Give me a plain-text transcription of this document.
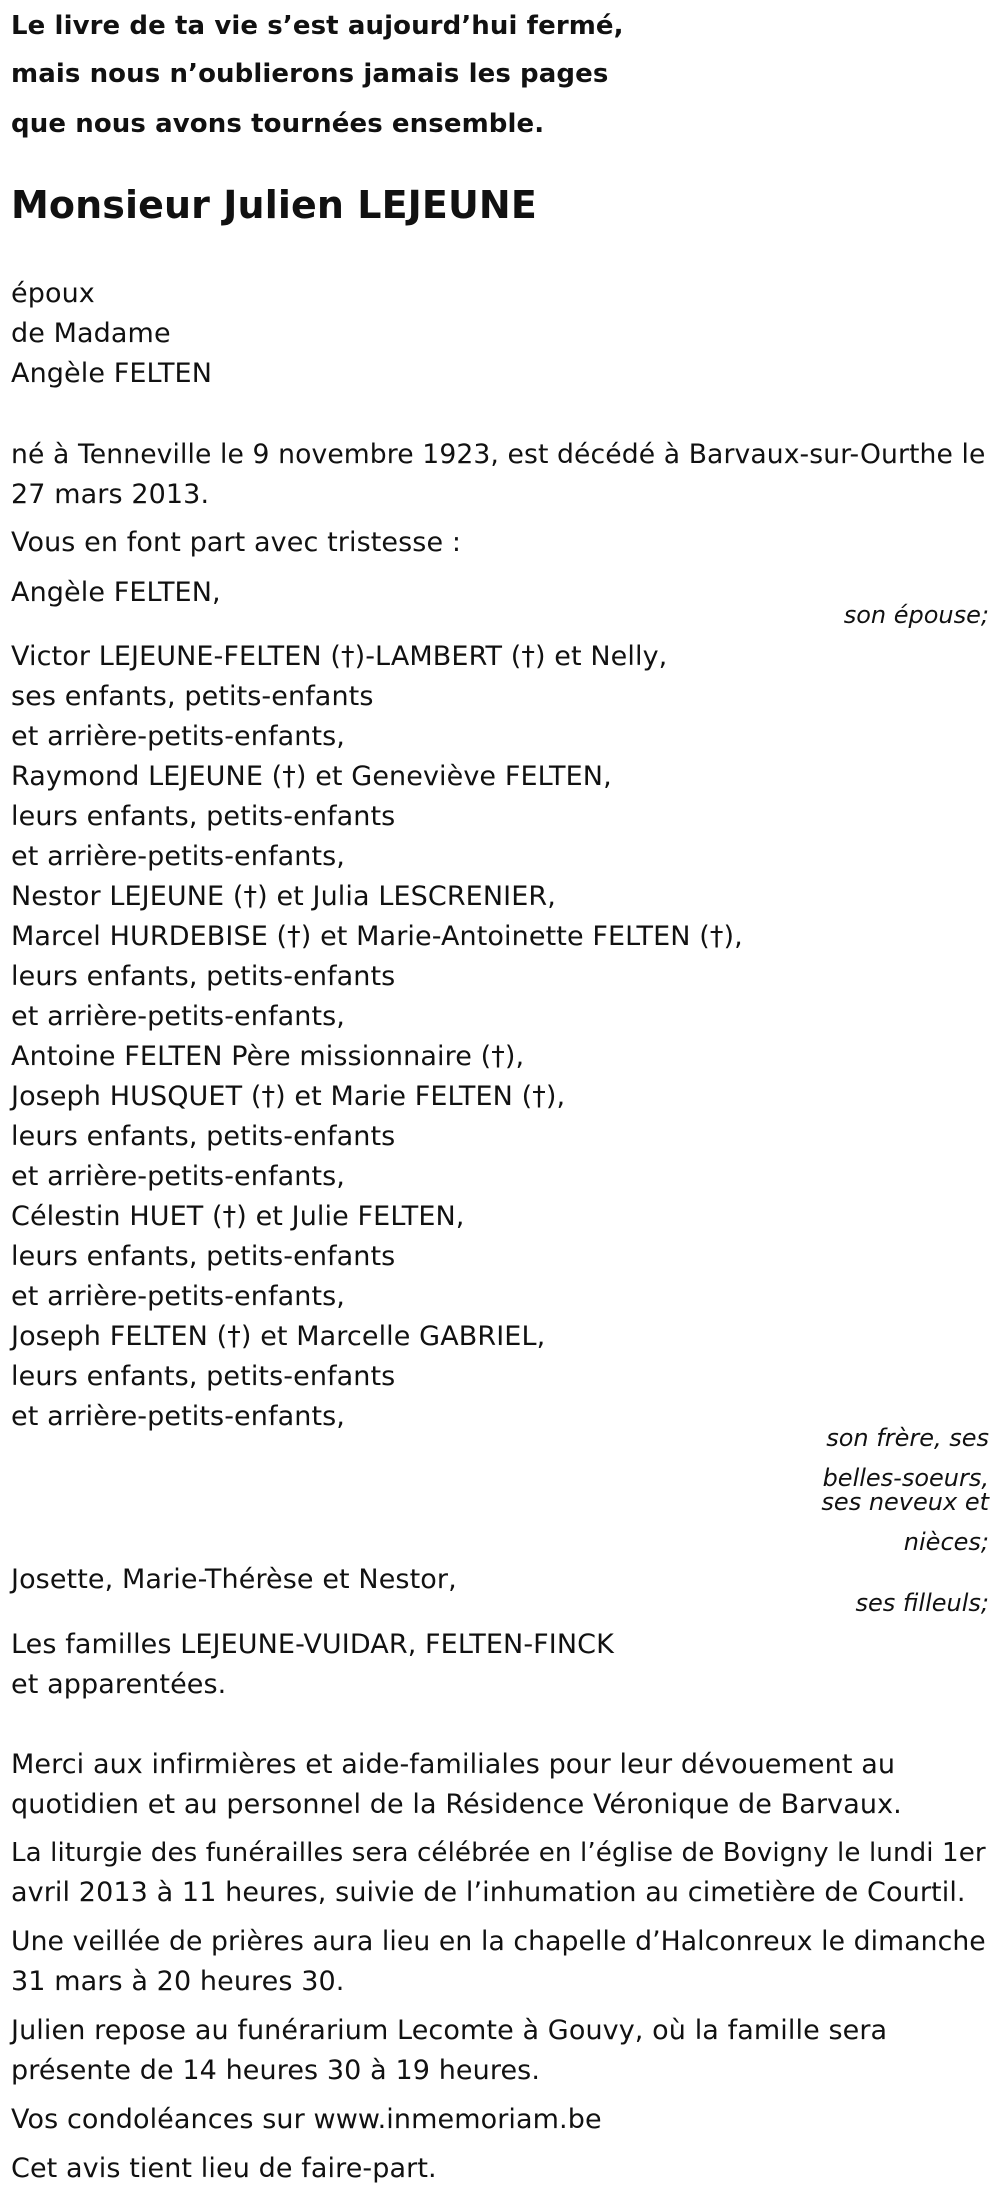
Le livre de ta vie s’est aujourd’hui fermé,
mais nous n’oublierons jamais les pages
que nous avons tournées ensemble.
Monsieur Julien LEJEUNE
époux
de Madame
Angèle FELTEN
né à Tenneville le 9 novembre 1923, est décédé à Barvaux-sur-Ourthe le
27 mars 2013.
Vous en font part avec tristesse :
Angèle FELTEN,
son épouse;
Victor LEJEUNE-FELTEN (†)-LAMBERT (†) et Nelly,
ses enfants, petits-enfants
et arrière-petits-enfants,
Raymond LEJEUNE (†) et Geneviève FELTEN,
leurs enfants, petits-enfants
et arrière-petits-enfants,
Nestor LEJEUNE (†) et Julia LESCRENIER,
Marcel HURDEBISE (†) et Marie-Antoinette FELTEN (†),
leurs enfants, petits-enfants
et arrière-petits-enfants,
Antoine FELTEN Père missionnaire (†),
Joseph HUSQUET (†) et Marie FELTEN (†),
leurs enfants, petits-enfants
et arrière-petits-enfants,
Célestin HUET (†) et Julie FELTEN,
leurs enfants, petits-enfants
et arrière-petits-enfants,
Joseph FELTEN (†) et Marcelle GABRIEL,
leurs enfants, petits-enfants
et arrière-petits-enfants,
son frère, ses
belles-soeurs,
ses neveux et
nièces;
Josette, Marie-Thérèse et Nestor,
ses filleuls;
Les familles LEJEUNE-VUIDAR, FELTEN-FINCK
et apparentées.
Merci aux infirmières et aide-familiales pour leur dévouement au
quotidien et au personnel de la Résidence Véronique de Barvaux.
La liturgie des funérailles sera célébrée en l’église de Bovigny le lundi 1er
avril 2013 à 11 heures, suivie de l’inhumation au cimetière de Courtil.
Une veillée de prières aura lieu en la chapelle d’Halconreux le dimanche
31 mars à 20 heures 30.
Julien repose au funérarium Lecomte à Gouvy, où la famille sera
présente de 14 heures 30 à 19 heures.
Vos condoléances sur www.inmemoriam.be
Cet avis tient lieu de faire-part.
